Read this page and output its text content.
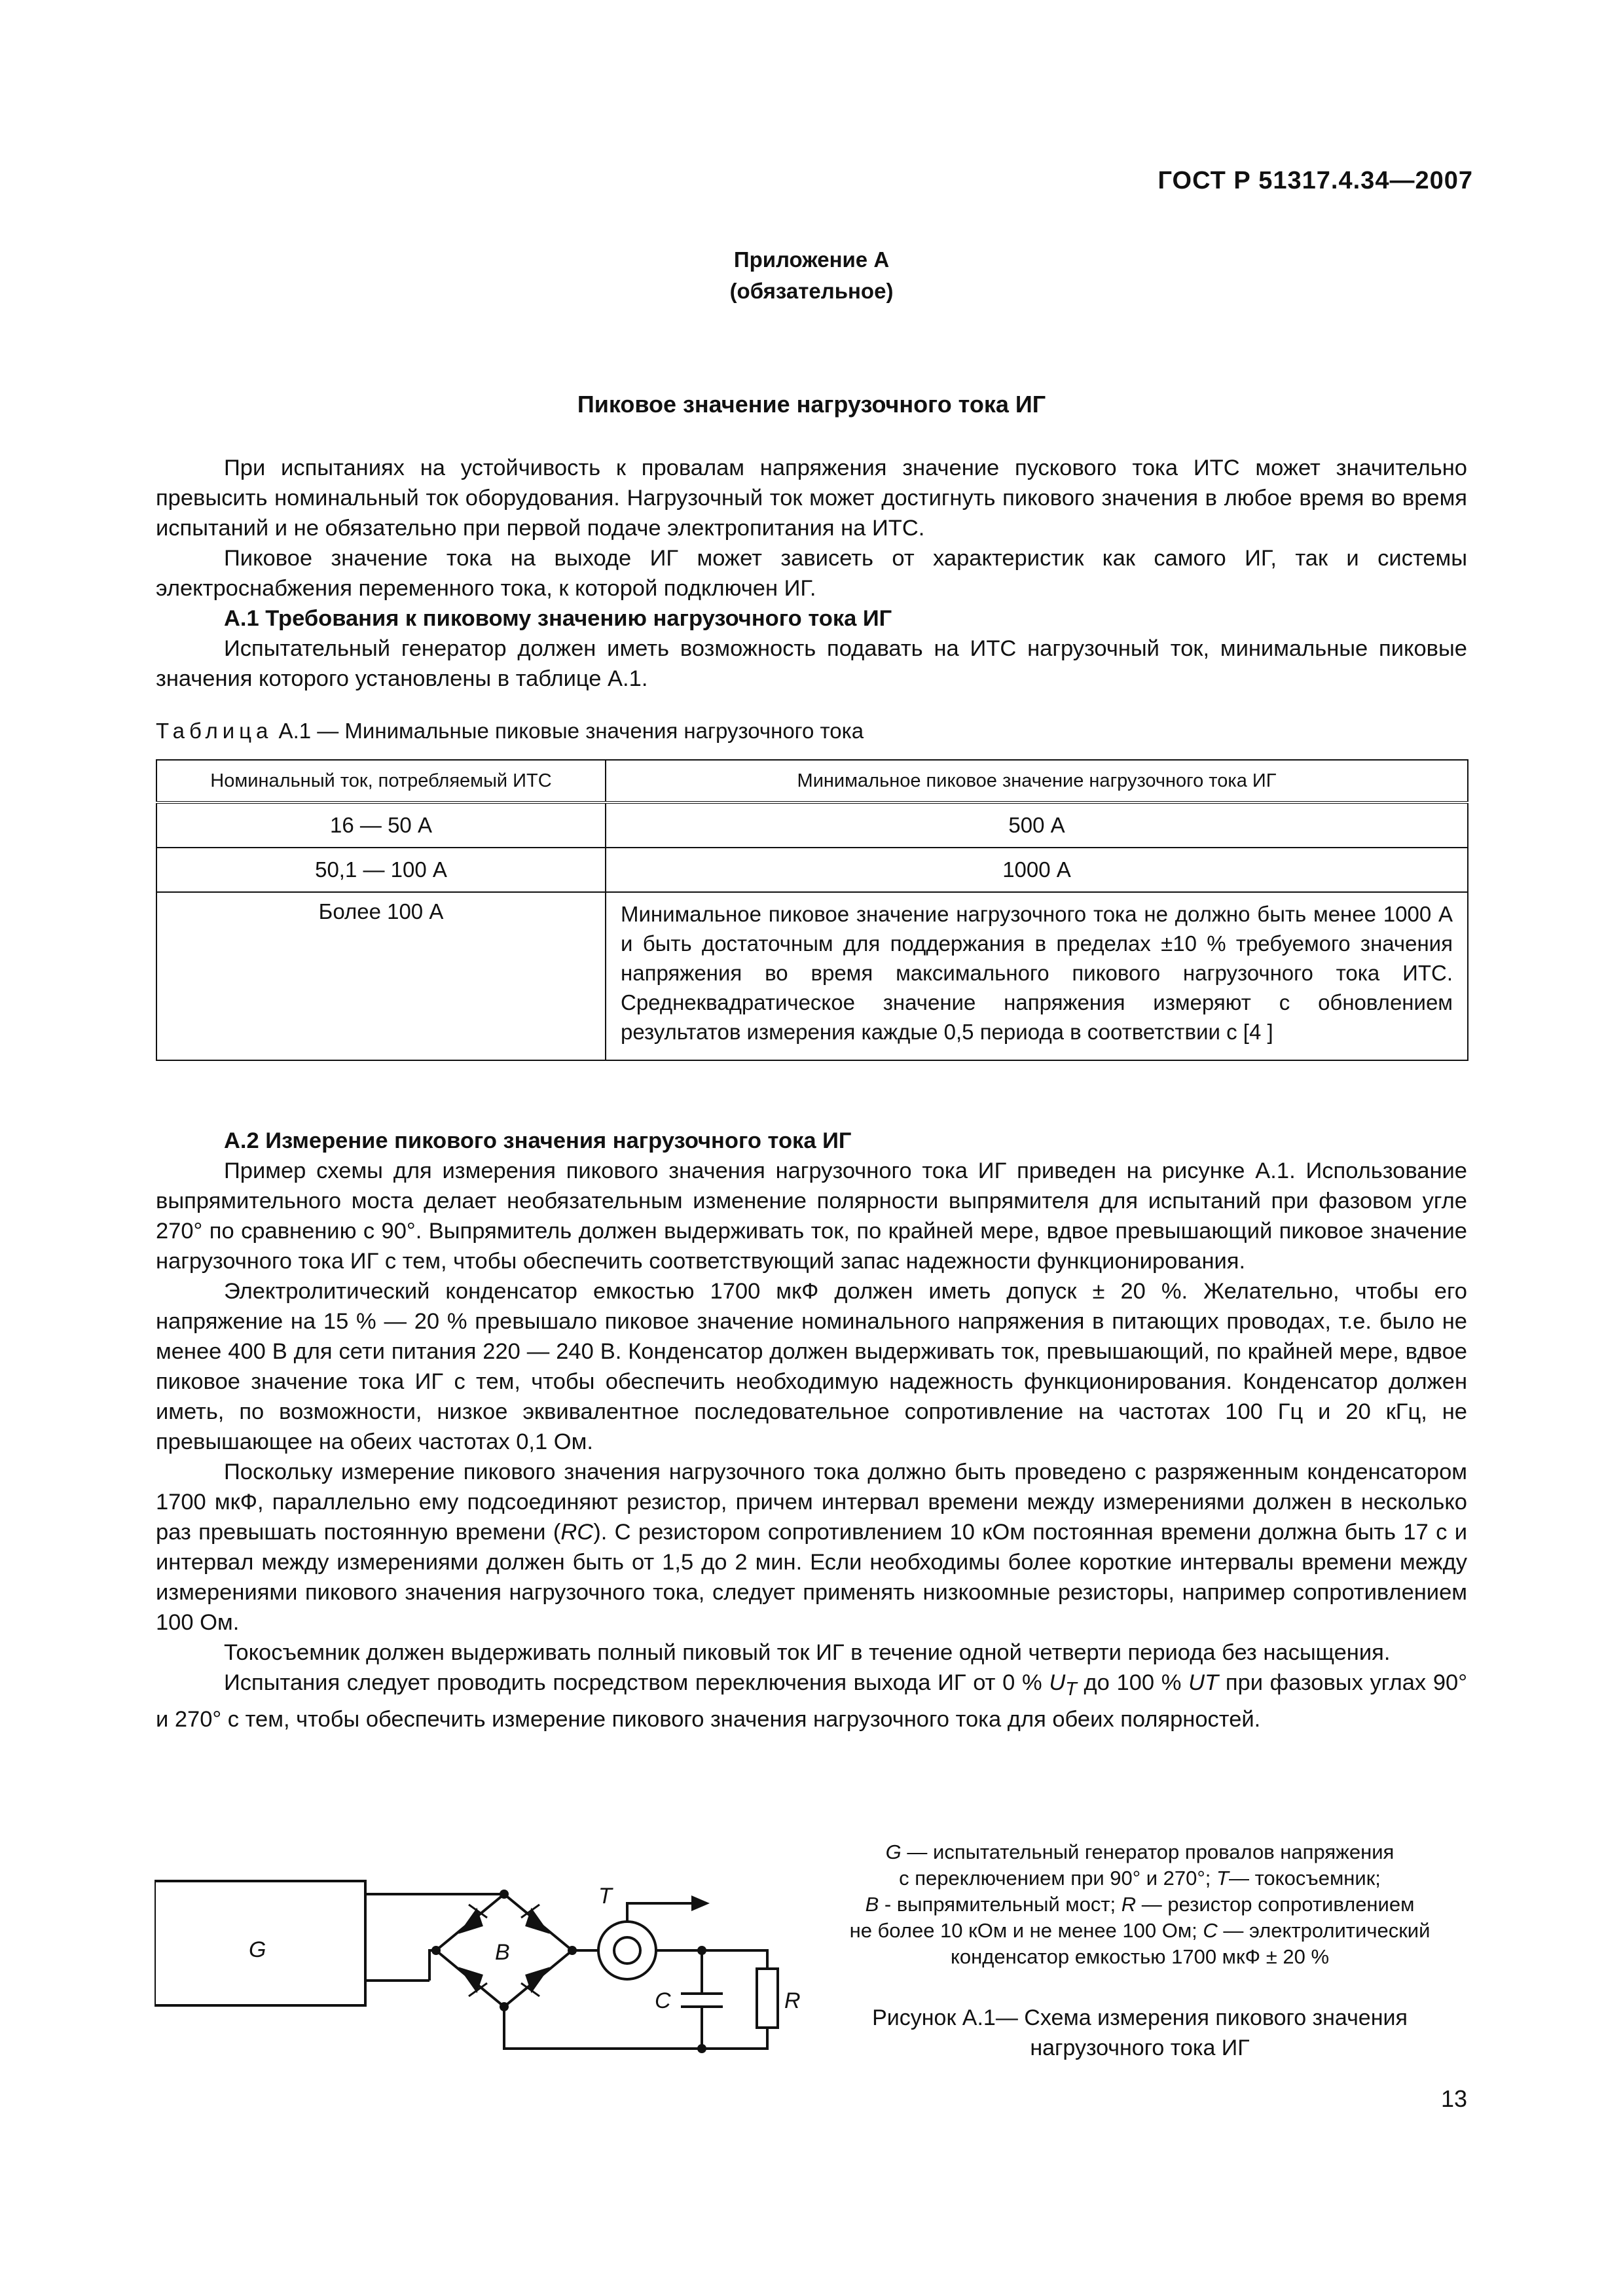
ГОСТ Р 51317.4.34—2007
Приложение А
(обязательное)
Пиковое значение нагрузочного тока ИГ

При испытаниях на устойчивость к провалам напряжения значение пускового тока ИТС может значительно превысить номинальный ток оборудования. Нагрузочный ток может достигнуть пикового значения в любое время во время испытаний и не обязательно при первой подаче электропитания на ИТС.

Пиковое значение тока на выходе ИГ может зависеть от характеристик как самого ИГ, так и системы электроснабжения переменного тока, к которой подключен ИГ.

А.1 Требования к пиковому значению нагрузочного тока ИГ

Испытательный генератор должен иметь возможность подавать на ИТС нагрузочный ток, минимальные пиковые значения которого установлены в таблице А.1.

Таблица А.1 — Минимальные пиковые значения нагрузочного тока
Номинальный ток, потребляемый ИТС	Минимальное пиковое значение нагрузочного тока ИГ
16 — 50 А	500 А
50,1 — 100 А	1000 А
Более 100 А	Минимальное пиковое значение нагрузочного тока не должно быть менее 1000 А и быть достаточным для поддержания в пределах ±10 % требуемого значения напряжения во время максимального пикового нагрузочного тока ИТС. Среднеквадратическое значение напряжения измеряют с обновлением результатов измерения каждые 0,5 периода в соответствии с [4 ]

А.2 Измерение пикового значения нагрузочного тока ИГ

Пример схемы для измерения пикового значения нагрузочного тока ИГ приведен на рисунке А.1. Использование выпрямительного моста делает необязательным изменение полярности выпрямителя для испытаний при фазовом угле 270° по сравнению с 90°. Выпрямитель должен выдерживать ток, по крайней мере, вдвое превышающий пиковое значение нагрузочного тока ИГ с тем, чтобы обеспечить соответствующий запас надежности функционирования.

Электролитический конденсатор емкостью 1700 мкФ должен иметь допуск ± 20 %. Желательно, чтобы его напряжение на 15 % — 20 % превышало пиковое значение номинального напряжения в питающих проводах, т.е. было не менее 400 В для сети питания 220 — 240 В. Конденсатор должен выдерживать ток, превышающий, по крайней мере, вдвое пиковое значение тока ИГ с тем, чтобы обеспечить необходимую надежность функционирования. Конденсатор должен иметь, по возможности, низкое эквивалентное последовательное сопротивление на частотах 100 Гц и 20 кГц, не превышающее на обеих частотах 0,1 Ом.

Поскольку измерение пикового значения нагрузочного тока должно быть проведено с разряженным конденсатором 1700 мкФ, параллельно ему подсоединяют резистор, причем интервал времени между измерениями должен в несколько раз превышать постоянную времени (RC). С резистором сопротивлением 10 кОм постоянная времени должна быть 17 с и интервал между измерениями должен быть от 1,5 до 2 мин. Если необходимы более короткие интервалы времени между измерениями пикового значения нагрузочного тока, следует применять низкоомные резисторы, например сопротивлением 100 Ом.

Токосъемник должен выдерживать полный пиковый ток ИГ в течение одной четверти периода без насыщения.

Испытания следует проводить посредством переключения выхода ИГ от 0 % $U_T$ до 100 % UT при фазовых углах 90° и 270° с тем, чтобы обеспечить измерение пикового значения нагрузочного тока для обеих полярностей.

G	B
T
C	R
G — испытательный генератор провалов напряжения
с переключением при 90° и 270°; T— токосъемник;
B - выпрямительный мост; R — резистор сопротивлением
не более 10 кОм и не менее 100 Ом; C — электролитический конденсатор емкостью 1700 мкФ ± 20 %
Рисунок А.1— Схема измерения пикового значения
нагрузочного тока ИГ
13
